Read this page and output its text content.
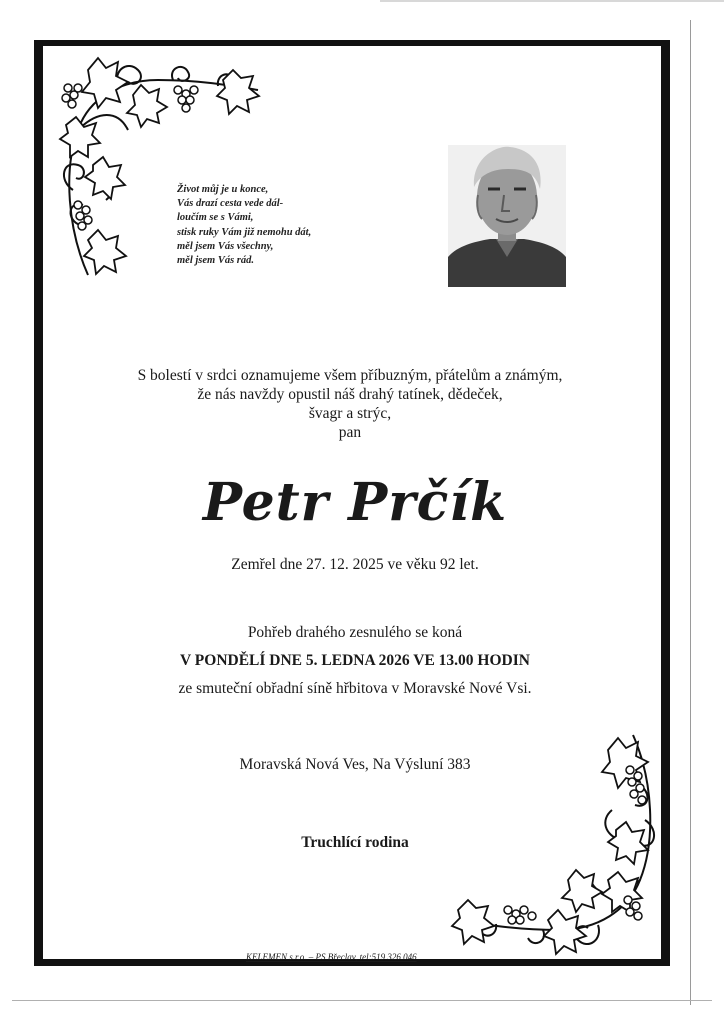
Život můj je u konce,
Vás drazí cesta vede dál-
loučím se s Vámi,
stisk ruky Vám již nemohu dát,
měl jsem Vás všechny,
měl jsem Vás rád.
S bolestí v srdci oznamujeme všem příbuzným, přátelům a známým,
že nás navždy opustil náš drahý tatínek, dědeček,
švagr a strýc,
pan
Petr Prčík
Zemřel dne 27. 12. 2025 ve věku 92 let.
Pohřeb drahého zesnulého se koná
V PONDĚLÍ DNE 5. LEDNA 2026 VE 13.00 HODIN
ze smuteční obřadní síně hřbitova v Moravské Nové Vsi.
Moravská Nová Ves, Na Výsluní 383
Truchlící rodina
KELEMEN s.r.o. – PS Břeclav, tel:519 326 046
